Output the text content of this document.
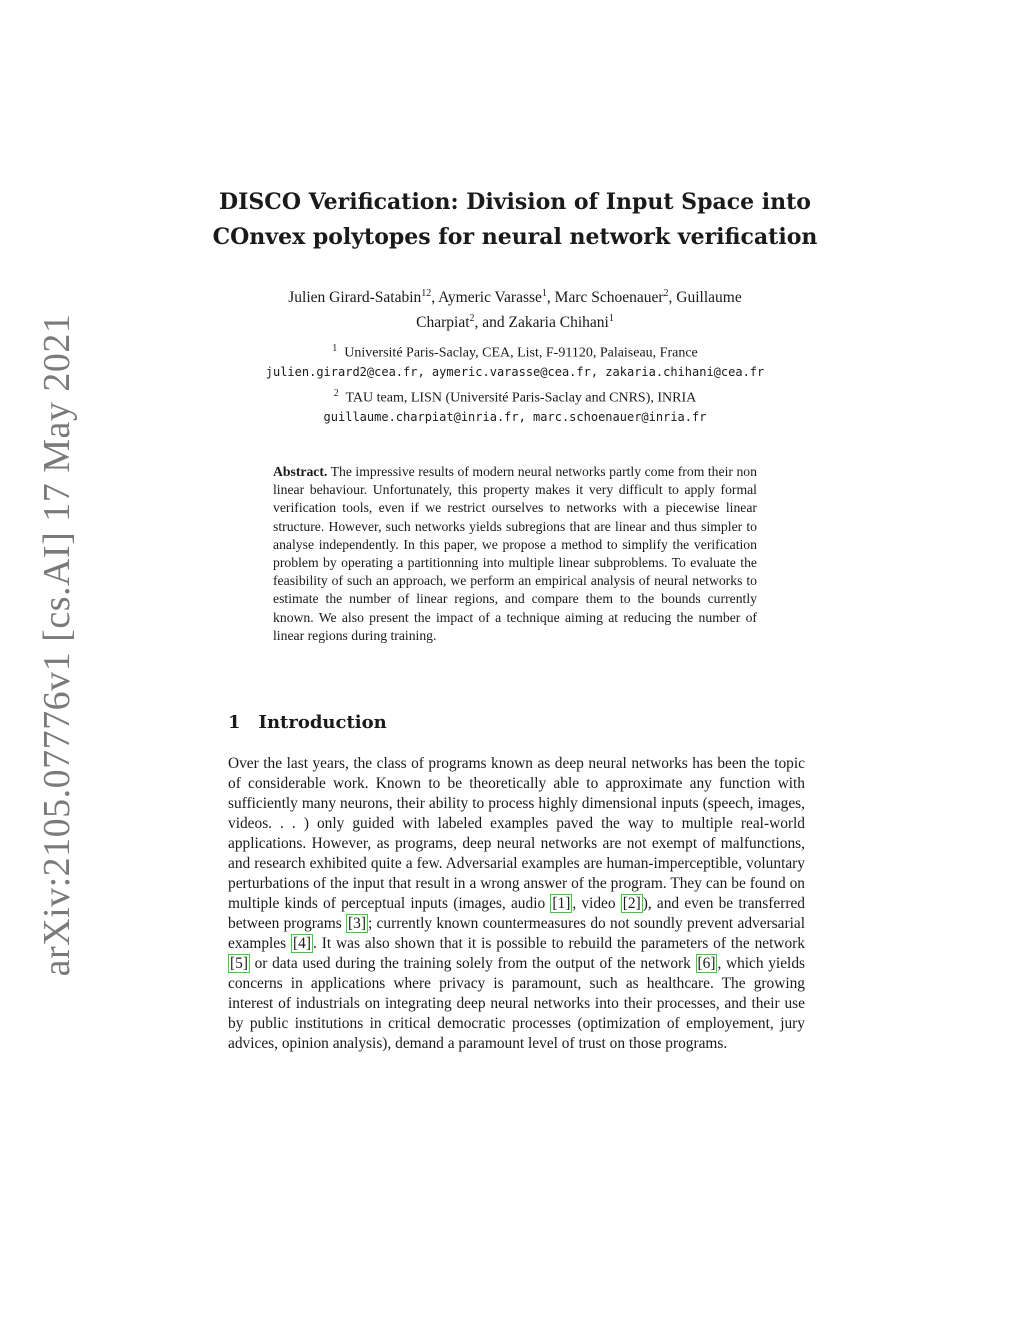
arXiv:2105.07776v1 [cs.AI] 17 May 2021
DISCO Verification: Division of Input Space into
COnvex polytopes for neural network verification
Julien Girard-Satabin$^{12}$, Aymeric Varasse$^1$, Marc Schoenauer$^2$, Guillaume
Charpiat$^2$, and Zakaria Chihani$^1$
$^1$ Université Paris-Saclay, CEA, List, F-91120, Palaiseau, France
julien.girard2@cea.fr, aymeric.varasse@cea.fr, zakaria.chihani@cea.fr
$^2$ TAU team, LISN (Université Paris-Saclay and CNRS), INRIA
guillaume.charpiat@inria.fr, marc.schoenauer@inria.fr
Abstract. The impressive results of modern neural networks partly come from their non linear behaviour. Unfortunately, this property makes it very difficult to apply formal verification tools, even if we restrict ourselves to networks with a piecewise linear structure. However, such networks yields subregions that are linear and thus simpler to analyse independently. In this paper, we propose a method to simplify the verification problem by operating a partitionning into multiple linear subproblems. To evaluate the feasibility of such an approach, we perform an empirical analysis of neural networks to estimate the number of linear regions, and compare them to the bounds currently known. We also present the impact of a technique aiming at reducing the number of linear regions during training.
1 Introduction
Over the last years, the class of programs known as deep neural networks has been the topic of considerable work. Known to be theoretically able to approximate any function with sufficiently many neurons, their ability to process highly dimensional inputs (speech, images, videos. . . ) only guided with labeled examples paved the way to multiple real-world applications. However, as programs, deep neural networks are not exempt of malfunctions, and research exhibited quite a few. Adversarial examples are human-imperceptible, voluntary perturbations of the input that result in a wrong answer of the program. They can be found on multiple kinds of perceptual inputs (images, audio [1] , video [2] ), and even be transferred between programs [3] ; currently known countermeasures do not soundly prevent adversarial examples [4] . It was also shown that it is possible to rebuild the parameters of the network [5] or data used during the training solely from the output of the network [6] , which yields concerns in applications where privacy is paramount, such as healthcare. The growing interest of industrials on integrating deep neural networks into their processes, and their use by public institutions in critical democratic processes (optimization of employement, jury advices, opinion analysis), demand a paramount level of trust on those programs.
